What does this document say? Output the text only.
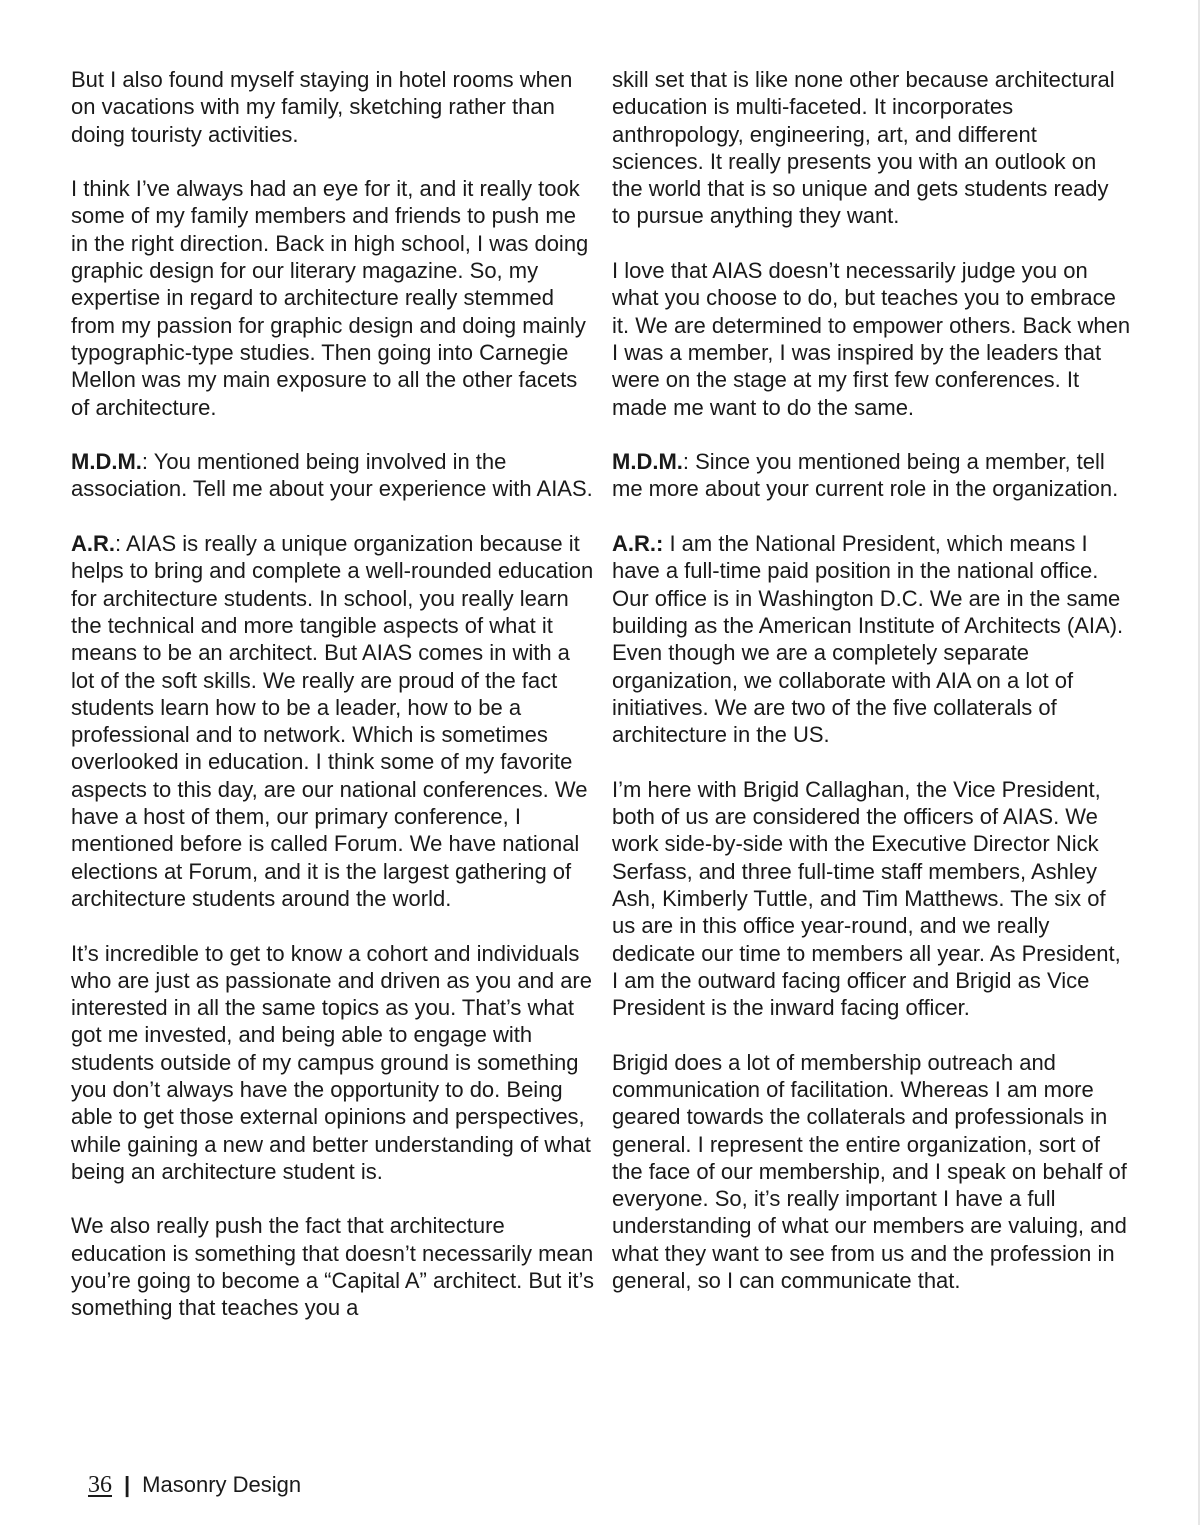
But I also found myself staying in hotel rooms when on vacations with my family, sketching rather than doing touristy activities.

I think I’ve always had an eye for it, and it really took some of my family members and friends to push me in the right direction. Back in high school, I was doing graphic design for our literary magazine. So, my expertise in regard to architecture really stemmed from my passion for graphic design and doing mainly typographic-type studies. Then going into Carnegie Mellon was my main exposure to all the other facets of architecture.

M.D.M.: You mentioned being involved in the association. Tell me about your experience with AIAS.

A.R.: AIAS is really a unique organization because it helps to bring and complete a well-rounded education for architecture students. In school, you really learn the technical and more tangible aspects of what it means to be an architect. But AIAS comes in with a lot of the soft skills. We really are proud of the fact students learn how to be a leader, how to be a professional and to network. Which is sometimes overlooked in education. I think some of my favorite aspects to this day, are our national conferences. We have a host of them, our primary conference, I mentioned before is called Forum. We have national elections at Forum, and it is the largest gathering of architecture students around the world.

It’s incredible to get to know a cohort and individuals who are just as passionate and driven as you and are interested in all the same topics as you. That’s what got me invested, and being able to engage with students outside of my campus ground is something you don’t always have the opportunity to do. Being able to get those external opinions and perspectives, while gaining a new and better understanding of what being an architecture student is.

We also really push the fact that architecture education is something that doesn’t necessarily mean you’re going to become a “Capital A” architect. But it’s something that teaches you a

skill set that is like none other because architectural education is multi-faceted. It incorporates anthropology, engineering, art, and different sciences. It really presents you with an outlook on the world that is so unique and gets students ready to pursue anything they want.

I love that AIAS doesn’t necessarily judge you on what you choose to do, but teaches you to embrace it. We are determined to empower others. Back when I was a member, I was inspired by the leaders that were on the stage at my first few conferences. It made me want to do the same.

M.D.M.: Since you mentioned being a member, tell me more about your current role in the organization.

A.R.: I am the National President, which means I have a full-time paid position in the national office. Our office is in Washington D.C. We are in the same building as the American Institute of Architects (AIA). Even though we are a completely separate organization, we collaborate with AIA on a lot of initiatives. We are two of the five collaterals of architecture in the US.

I’m here with Brigid Callaghan, the Vice President, both of us are considered the officers of AIAS. We work side-by-side with the Executive Director Nick Serfass, and three full-time staff members, Ashley Ash, Kimberly Tuttle, and Tim Matthews. The six of us are in this office year-round, and we really dedicate our time to members all year. As President, I am the outward facing officer and Brigid as Vice President is the inward facing officer.

Brigid does a lot of membership outreach and communication of facilitation. Whereas I am more geared towards the collaterals and professionals in general. I represent the entire organization, sort of the face of our membership, and I speak on behalf of everyone. So, it’s really important I have a full understanding of what our members are valuing, and what they want to see from us and the profession in general, so I can communicate that.

36 | Masonry Design
